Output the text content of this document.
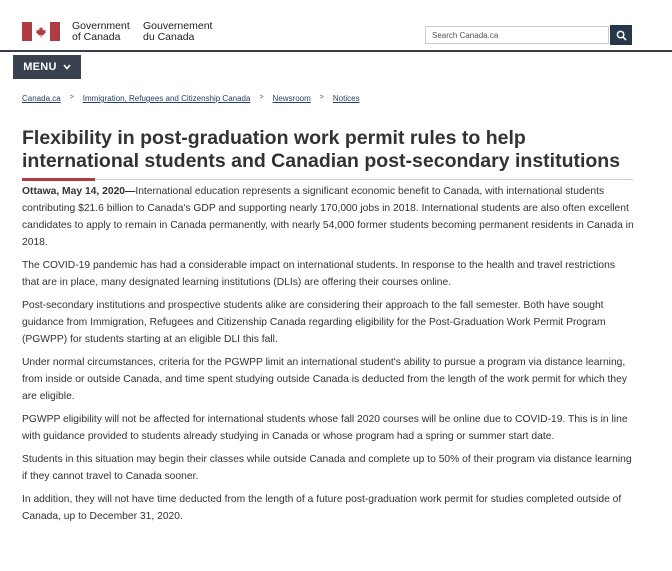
Government
of Canada
Gouvernement
du Canada	Search Canada.ca
MENU
Canada.ca > Immigration, Refugees and Citizenship Canada > Newsroom > Notices
Flexibility in post-graduation work permit rules to help international students and Canadian post-secondary institutions

Ottawa, May 14, 2020—International education represents a significant economic benefit to Canada, with international students contributing $21.6 billion to Canada's GDP and supporting nearly 170,000 jobs in 2018. International students are also often excellent candidates to apply to remain in Canada permanently, with nearly 54,000 former students becoming permanent residents in Canada in 2018.

The COVID-19 pandemic has had a considerable impact on international students. In response to the health and travel restrictions that are in place, many designated learning institutions (DLIs) are offering their courses online.

Post-secondary institutions and prospective students alike are considering their approach to the fall semester. Both have sought guidance from Immigration, Refugees and Citizenship Canada regarding eligibility for the Post-Graduation Work Permit Program (PGWPP) for students starting at an eligible DLI this fall.

Under normal circumstances, criteria for the PGWPP limit an international student's ability to pursue a program via distance learning, from inside or outside Canada, and time spent studying outside Canada is deducted from the length of the work permit for which they are eligible.

PGWPP eligibility will not be affected for international students whose fall 2020 courses will be online due to COVID-19. This is in line with guidance provided to students already studying in Canada or whose program had a spring or summer start date.

Students in this situation may begin their classes while outside Canada and complete up to 50% of their program via distance learning if they cannot travel to Canada sooner.

In addition, they will not have time deducted from the length of a future post-graduation work permit for studies completed outside of Canada, up to December 31, 2020.
